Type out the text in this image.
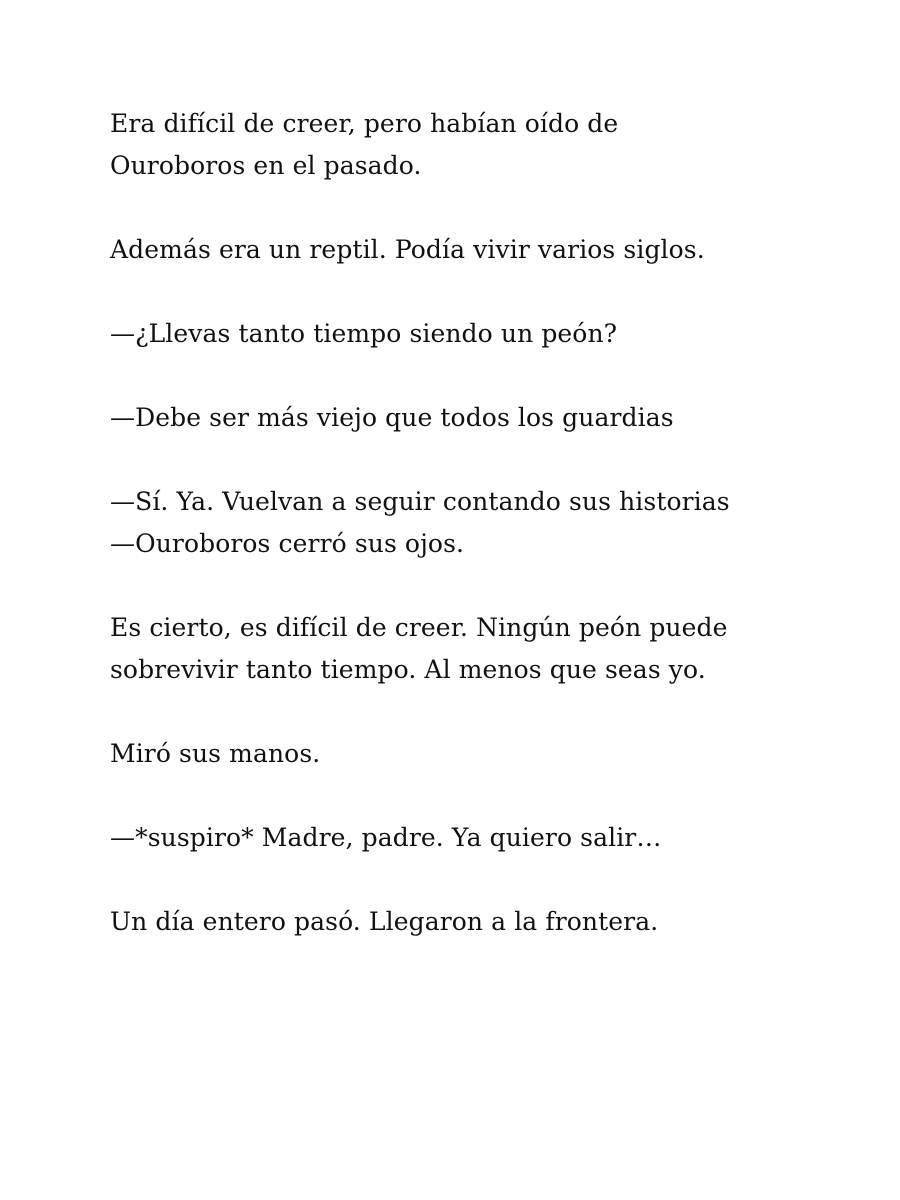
Era difícil de creer, pero habían oído de
Ouroboros en el pasado.

Además era un reptil. Podía vivir varios siglos.

—¿Llevas tanto tiempo siendo un peón?

—Debe ser más viejo que todos los guardias

—Sí. Ya. Vuelvan a seguir contando sus historias
—Ouroboros cerró sus ojos.

Es cierto, es difícil de creer. Ningún peón puede
sobrevivir tanto tiempo. Al menos que seas yo.

Miró sus manos.

—*suspiro* Madre, padre. Ya quiero salir…

Un día entero pasó. Llegaron a la frontera.
